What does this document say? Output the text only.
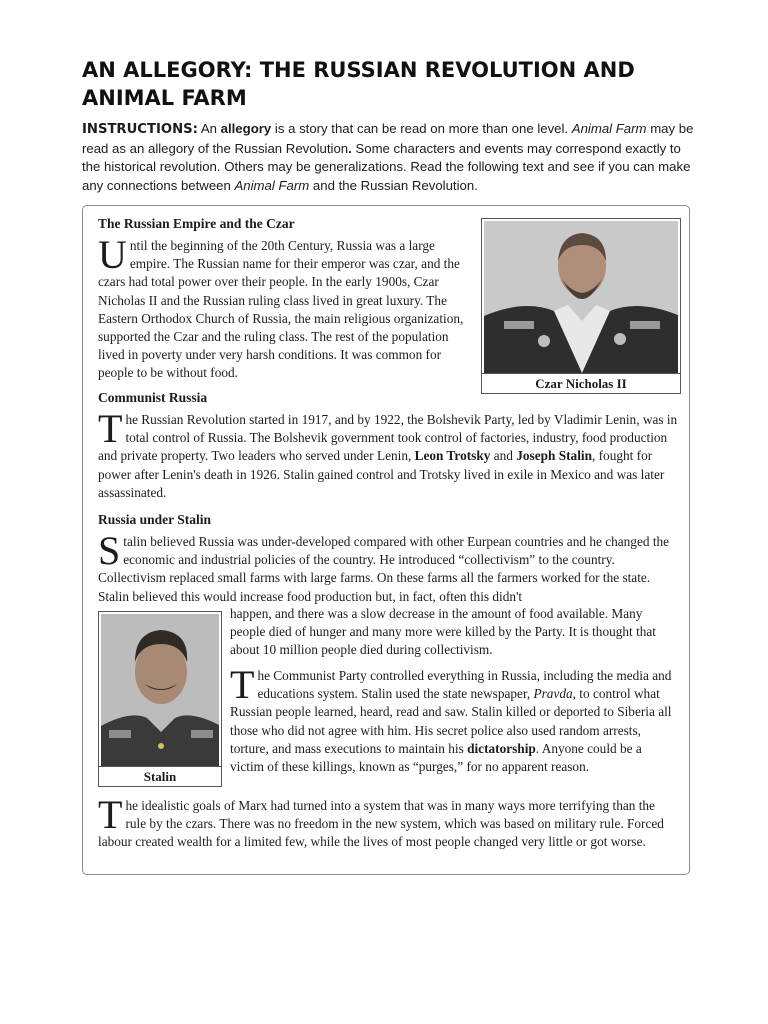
AN ALLEGORY: THE RUSSIAN REVOLUTION AND ANIMAL FARM
INSTRUCTIONS: An allegory is a story that can be read on more than one level. Animal Farm may be read as an allegory of the Russian Revolution. Some characters and events may correspond exactly to the historical revolution. Others may be generalizations. Read the following text and see if you can make any connections between Animal Farm and the Russian Revolution.
The Russian Empire and the Czar

Until the beginning of the 20th Century, Russia was a large empire. The Russian name for their emperor was czar, and the czars had total power over their people. In the early 1900s, Czar Nicholas II and the Russian ruling class lived in great luxury. The Eastern Orthodox Church of Russia, the main religious organization, supported the Czar and the ruling class. The rest of the population lived in poverty under very harsh conditions. It was common for people to be without food.

Czar Nicholas II
Communist Russia

The Russian Revolution started in 1917, and by 1922, the Bolshevik Party, led by Vladimir Lenin, was in total control of Russia. The Bolshevik government took control of factories, industry, food production and private property. Two leaders who served under Lenin, Leon Trotsky and Joseph Stalin, fought for power after Lenin's death in 1926. Stalin gained control and Trotsky lived in exile in Mexico and was later assassinated.

Russia under Stalin

Stalin believed Russia was under-developed compared with other Eurpean countries and he changed the economic and industrial policies of the country. He introduced “collectivism” to the country. Collectivism replaced small farms with large farms. On these farms all the farmers worked for the state. Stalin believed this would increase food production but, in fact, often this didn't

Stalin

happen, and there was a slow decrease in the amount of food available. Many people died of hunger and many more were killed by the Party. It is thought that about 10 million people died during collectivism.

The Communist Party controlled everything in Russia, including the media and educations system. Stalin used the state newspaper, Pravda, to control what Russian people learned, heard, read and saw. Stalin killed or deported to Siberia all those who did not agree with him. His secret police also used random arrests, torture, and mass executions to maintain his dictatorship. Anyone could be a victim of these killings, known as “purges,” for no apparent reason.

The idealistic goals of Marx had turned into a system that was in many ways more terrifying than the rule by the czars. There was no freedom in the new system, which was based on military rule. Forced labour created wealth for a limited few, while the lives of most people changed very little or got worse.
